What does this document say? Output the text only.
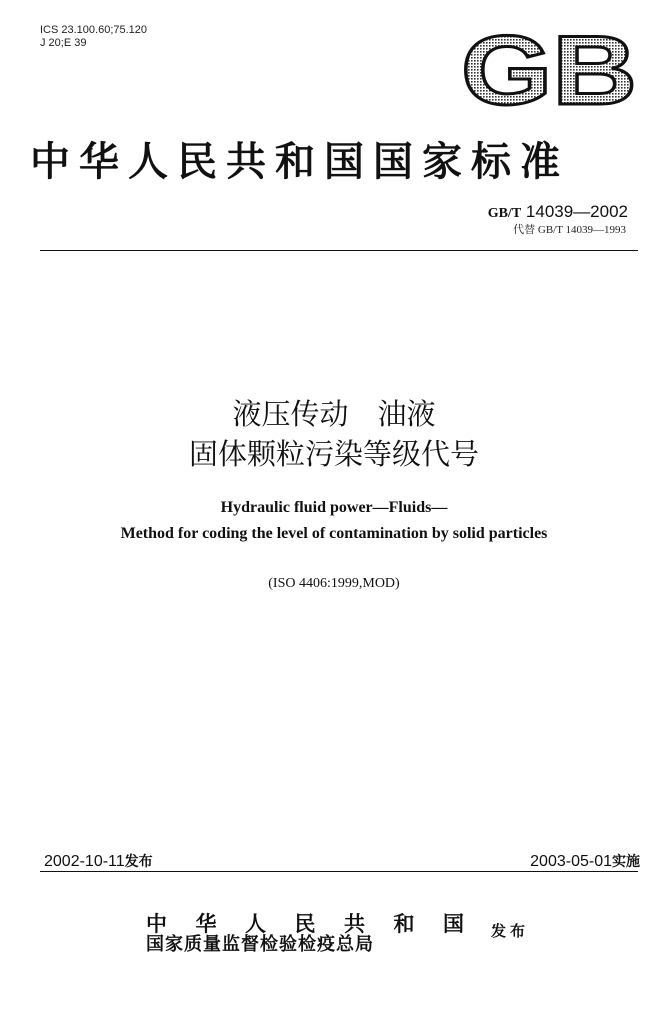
ICS 23.100.60;75.120
J 20;E 39	GB
中华人民共和国国家标准
GB/T 14039—2002
代替 GB/T 14039—1993
液压传动　油液
固体颗粒污染等级代号
Hydraulic fluid power—Fluids—
Method for coding the level of contamination by solid particles
(ISO 4406:1999,MOD)
2002-10-11发布	2003-05-01实施
中华人民共和国
国家质量监督检验检疫总局
发布
